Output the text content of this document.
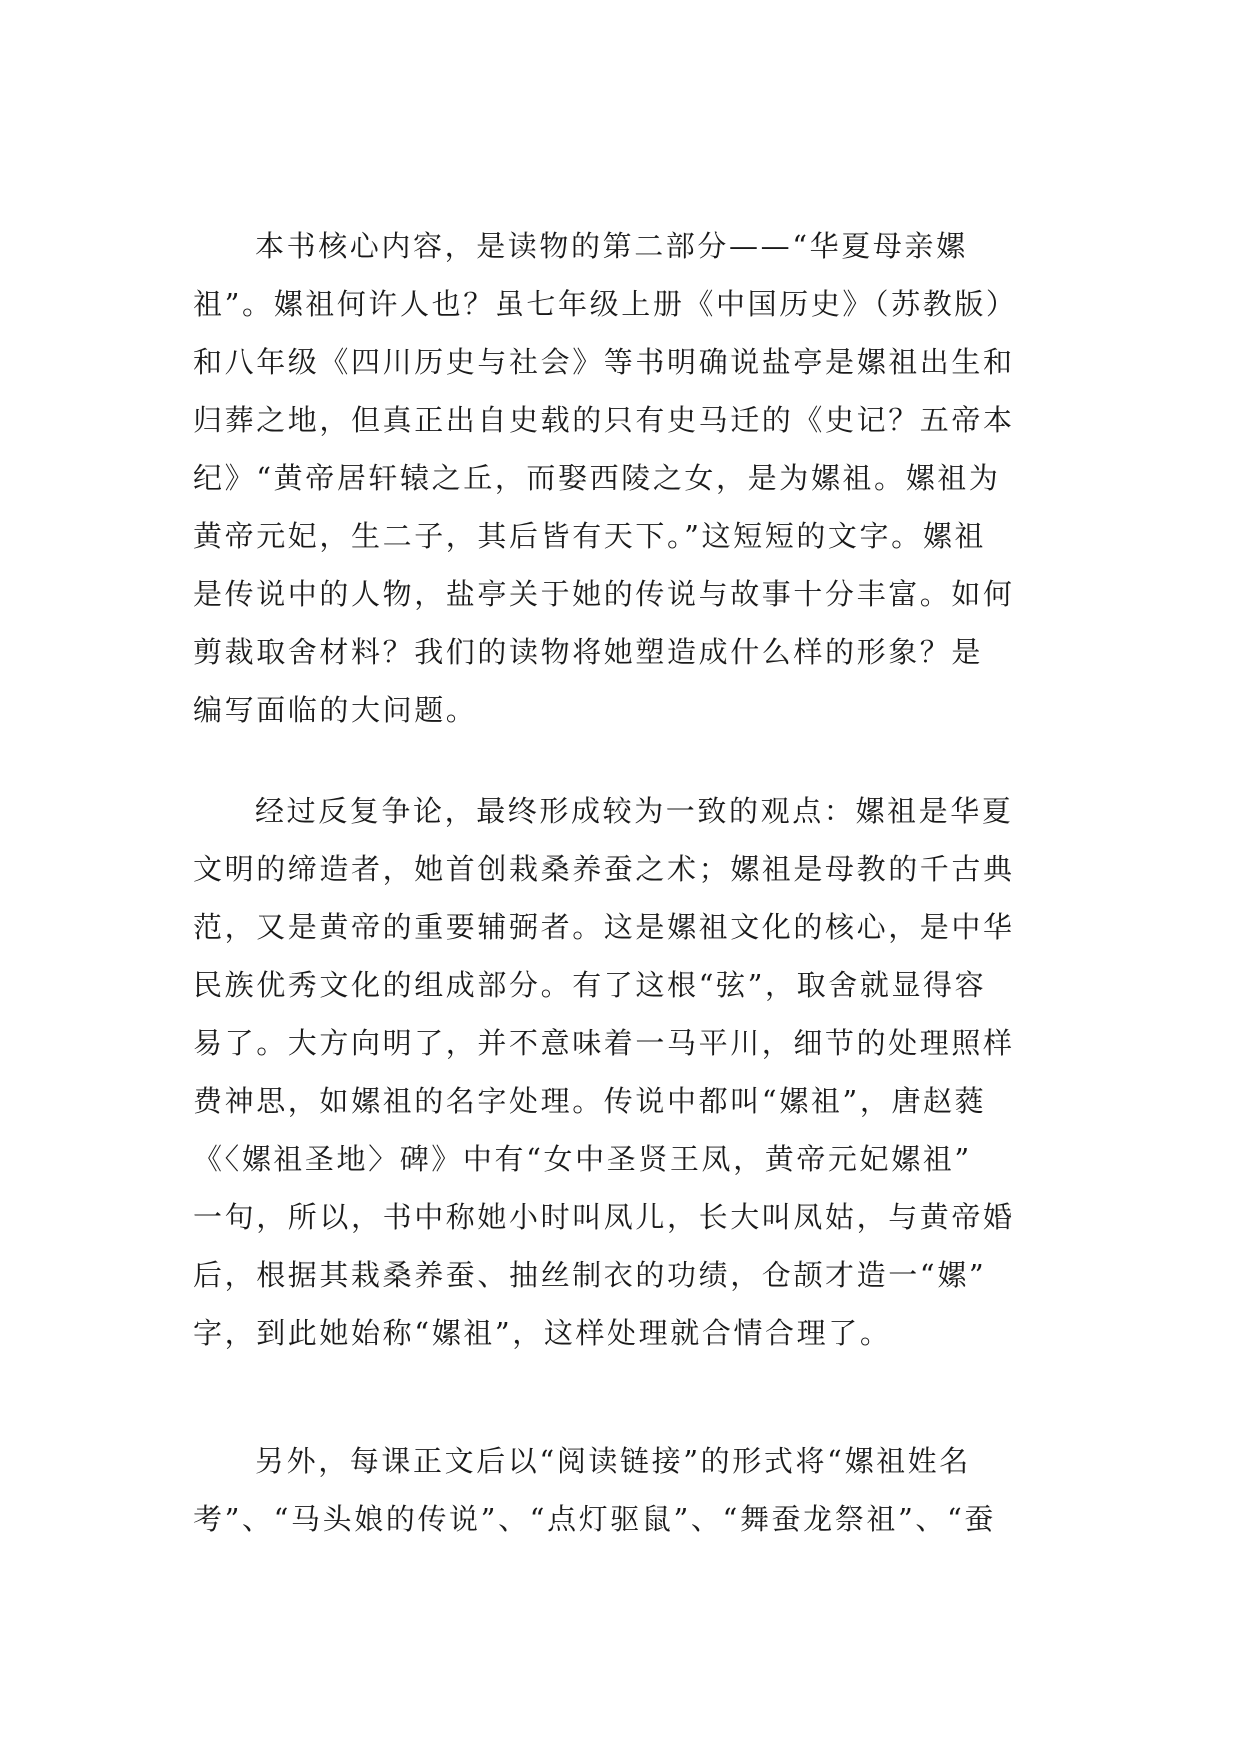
本书核心内容，是读物的第二部分——“华夏母亲嫘
祖”。嫘祖何许人也？虽七年级上册《中国历史》（苏教版）
和八年级《四川历史与社会》等书明确说盐亭是嫘祖出生和
归葬之地，但真正出自史载的只有史马迁的《史记？五帝本
纪》“黄帝居轩辕之丘，而娶西陵之女，是为嫘祖。嫘祖为
黄帝元妃，生二子，其后皆有天下。”这短短的文字。嫘祖
是传说中的人物，盐亭关于她的传说与故事十分丰富。如何
剪裁取舍材料？我们的读物将她塑造成什么样的形象？是
编写面临的大问题。

经过反复争论，最终形成较为一致的观点：嫘祖是华夏
文明的缔造者，她首创栽桑养蚕之术；嫘祖是母教的千古典
范，又是黄帝的重要辅弼者。这是嫘祖文化的核心，是中华
民族优秀文化的组成部分。有了这根“弦”，取舍就显得容
易了。大方向明了，并不意味着一马平川，细节的处理照样
费神思，如嫘祖的名字处理。传说中都叫“嫘祖”，唐赵蕤
《〈嫘祖圣地〉碑》中有“女中圣贤王凤，黄帝元妃嫘祖”
一句，所以，书中称她小时叫凤儿，长大叫凤姑，与黄帝婚
后，根据其栽桑养蚕、抽丝制衣的功绩，仓颉才造一“嫘”
字，到此她始称“嫘祖”，这样处理就合情合理了。

另外，每课正文后以“阅读链接”的形式将“嫘祖姓名
考”、“马头娘的传说”、“点灯驱鼠”、“舞蚕龙祭祖”、“蚕
